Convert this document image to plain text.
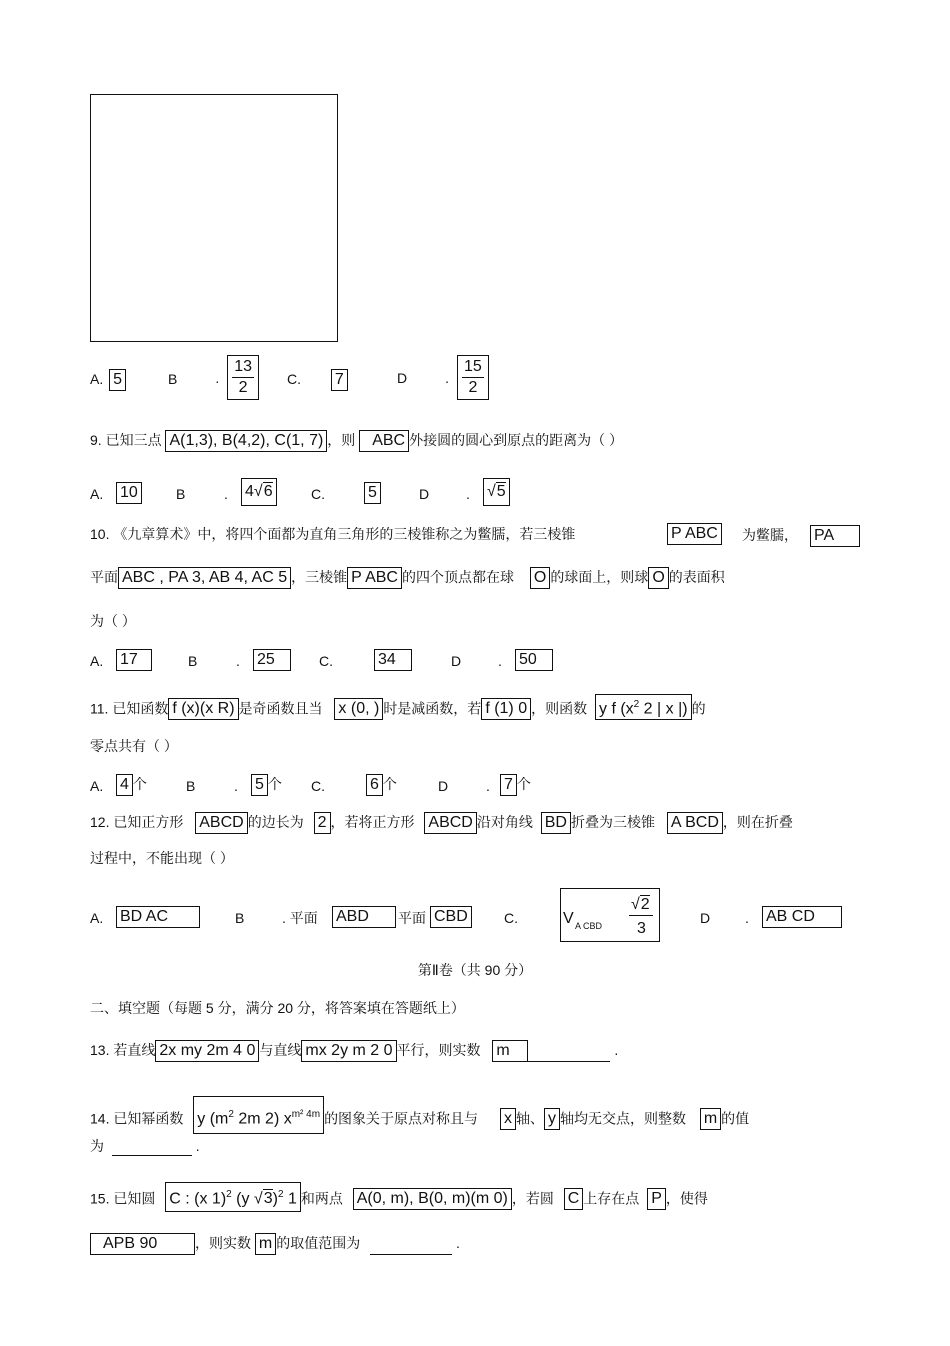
A. 5	B	. $\frac{13}{2} C$. 7	D	. $\frac{15}{2}$
9. 已知三点 A(1,3), B(4,2), C(1, 7) ，则 ABC 外接圆的圆心到原点的距离为（ ）
A. 10	B	. 4√6	C.	5	D	. √5
10. 《九章算术》中，将四个面都为直角三角形的三棱锥称之为鳖臑，若三棱锥	P ABC 为鳖臑， PA
平面 ABC , PA 3, AB 4, AC 5 ，三棱锥 P ABC 的四个顶点都在球 O 的球面上，则球 O 的表面积
为（ ）
A. 17	B	. 25	C.	34	D	. 50
11. 已知函数 f (x)(x R) 是奇函数且当 x (0, ) 时是减函数，若 f (1) 0 ，则函数 y f ($x^2$ 2 | x |) 的
零点共有（ ）
A. 4 个	B	. 5 个 C.	6 个	D	. 7 个
12. 已知正方形 ABCD 的边长为 2 ，若将正方形 ABCD 沿对角线 BD 折叠为三棱锥 A BCD ，则在折叠
过程中，不能出现（ ）
A. BD AC	B	. 平面 ABD	平面 CBD	C.	V A CBD
√2
3
D . AB CD
第Ⅱ卷（共 90 分）
二、填空题（每题 5 分，满分 20 分，将答案填在答题纸上）
13. 若直线 2x my 2m 4 0 与直线 mx 2y m 2 0 平行，则实数 m	.
14. 已知幂函数 y ($m^2$ 2m 2) $x^{m^2 4m}$ 的图象关于原点对称且与 x 轴、 y 轴均无交点，则整数 m 的值
为	.
15. 已知圆 C : (x 1)$^2$ (y √3)$^2$ 1 和两点 A(0, m), B(0, m)(m 0) ，若圆 C 上存在点 P ，使得
APB 90	，则实数 m 的取值范围为	.
